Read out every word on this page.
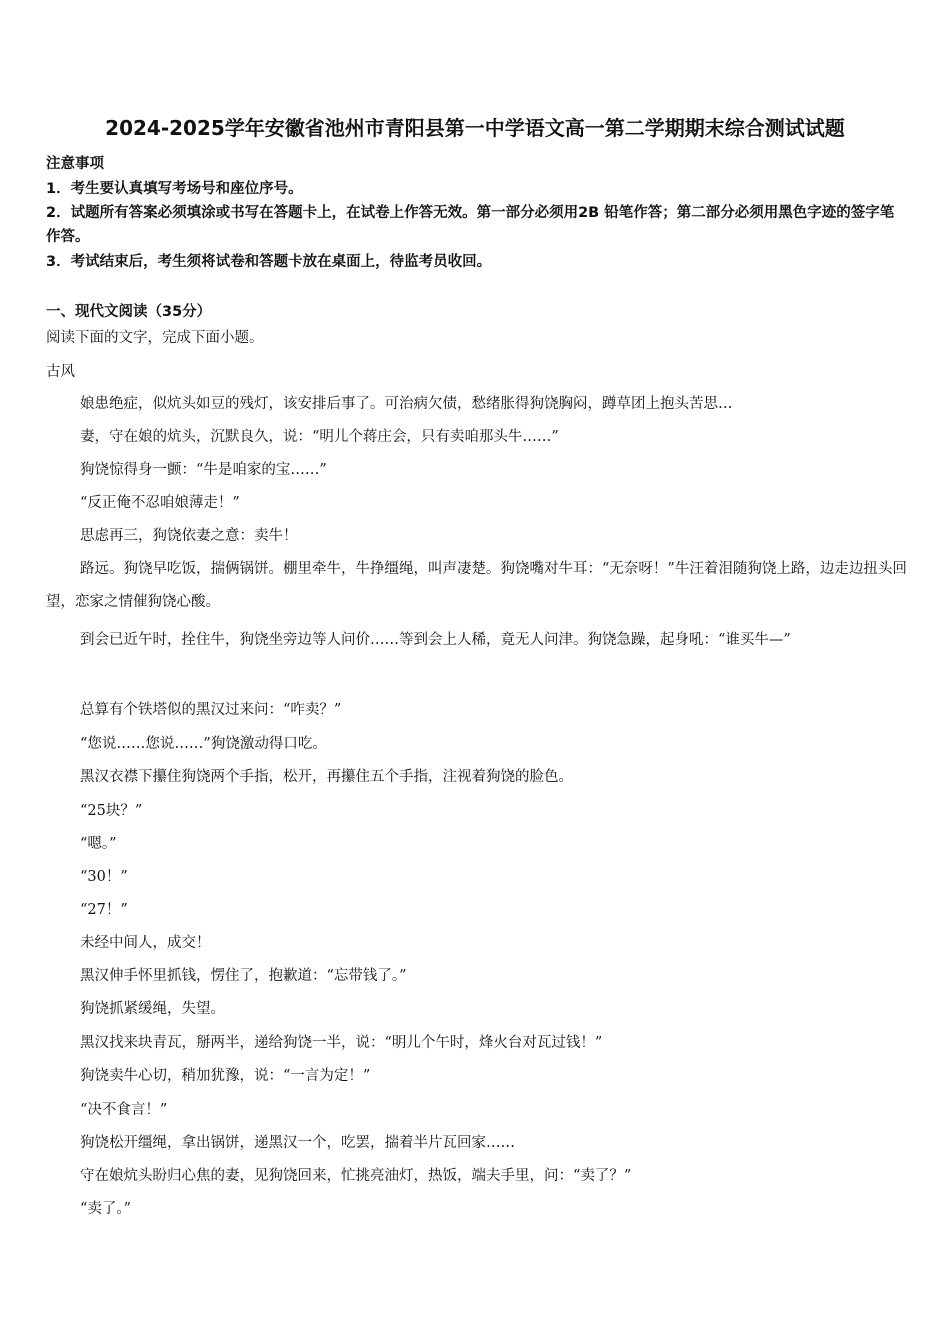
2024-2025学年安徽省池州市青阳县第一中学语文高一第二学期期末综合测试试题
注意事项
1．考生要认真填写考场号和座位序号。
2．试题所有答案必须填涂或书写在答题卡上，在试卷上作答无效。第一部分必须用2B 铅笔作答；第二部分必须用黑色字迹的签字笔作答。
3．考试结束后，考生须将试卷和答题卡放在桌面上，待监考员收回。
一、现代文阅读（35分）
阅读下面的文字，完成下面小题。
古风
娘患绝症，似炕头如豆的残灯，该安排后事了。可治病欠债，愁绪胀得狗饶胸闷，蹲草团上抱头苦思…
妻，守在娘的炕头，沉默良久，说：“明儿个蒋庄会，只有卖咱那头牛……”
狗饶惊得身一颤：“牛是咱家的宝……”
“反正俺不忍咱娘薄走！”
思虑再三，狗饶依妻之意：卖牛！
路远。狗饶早吃饭，揣俩锅饼。棚里牵牛，牛挣缰绳，叫声凄楚。狗饶嘴对牛耳：“无奈呀！”牛汪着泪随狗饶上路，边走边扭头回望，恋家之情催狗饶心酸。
到会已近午时，拴住牛，狗饶坐旁边等人问价……等到会上人稀，竟无人问津。狗饶急躁，起身吼：“谁买牛—”
总算有个铁塔似的黑汉过来问：“咋卖？”
“您说……您说……”狗饶激动得口吃。
黑汉衣襟下攥住狗饶两个手指，松开，再攥住五个手指，注视着狗饶的脸色。
“25块？”
“嗯。”
“30！”
“27！”
未经中间人，成交！
黑汉伸手怀里抓钱，愣住了，抱歉道：“忘带钱了。”
狗饶抓紧缓绳，失望。
黑汉找来块青瓦，掰两半，递给狗饶一半，说：“明儿个午时，烽火台对瓦过钱！”
狗饶卖牛心切，稍加犹豫，说：“一言为定！”
“决不食言！”
狗饶松开缰绳，拿出锅饼，递黑汉一个，吃罢，揣着半片瓦回家……
守在娘炕头盼归心焦的妻，见狗饶回来，忙挑亮油灯，热饭，端夫手里，问：“卖了？”
“卖了。”
